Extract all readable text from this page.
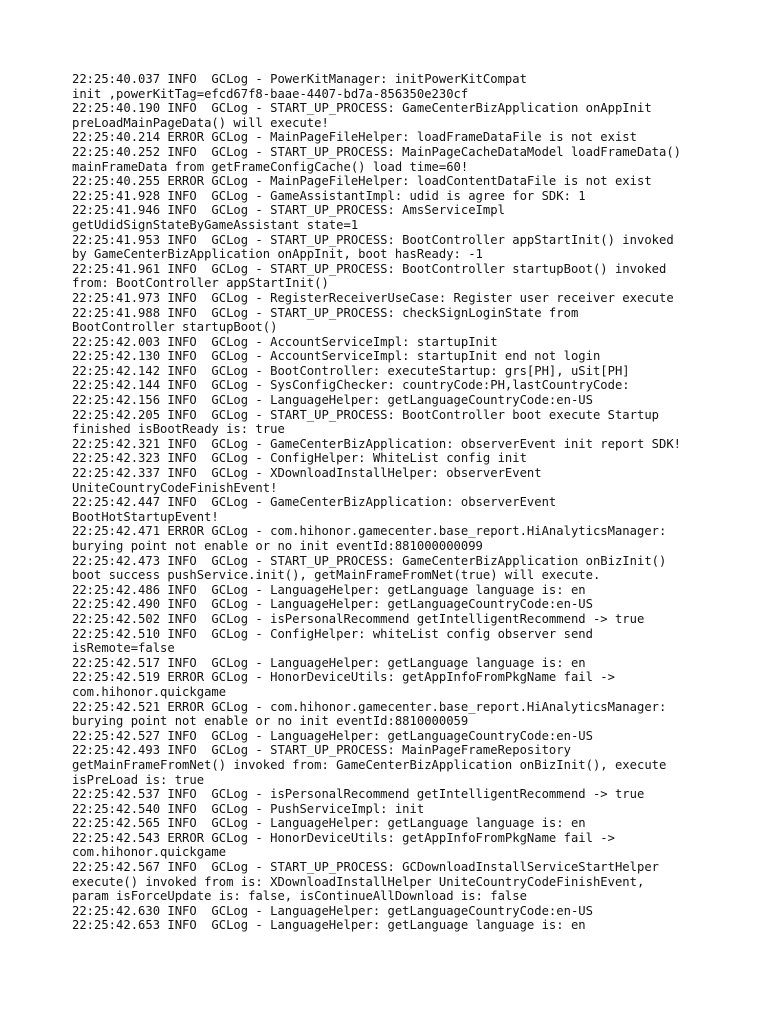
22:25:40.037 INFO  GCLog - PowerKitManager: initPowerKitCompat
init ,powerKitTag=efcd67f8-baae-4407-bd7a-856350e230cf
22:25:40.190 INFO  GCLog - START_UP_PROCESS: GameCenterBizApplication onAppInit
preLoadMainPageData() will execute!
22:25:40.214 ERROR GCLog - MainPageFileHelper: loadFrameDataFile is not exist
22:25:40.252 INFO  GCLog - START_UP_PROCESS: MainPageCacheDataModel loadFrameData()
mainFrameData from getFrameConfigCache() load time=60!
22:25:40.255 ERROR GCLog - MainPageFileHelper: loadContentDataFile is not exist
22:25:41.928 INFO  GCLog - GameAssistantImpl: udid is agree for SDK: 1
22:25:41.946 INFO  GCLog - START_UP_PROCESS: AmsServiceImpl
getUdidSignStateByGameAssistant state=1
22:25:41.953 INFO  GCLog - START_UP_PROCESS: BootController appStartInit() invoked
by GameCenterBizApplication onAppInit, boot hasReady: -1
22:25:41.961 INFO  GCLog - START_UP_PROCESS: BootController startupBoot() invoked
from: BootController appStartInit()
22:25:41.973 INFO  GCLog - RegisterReceiverUseCase: Register user receiver execute
22:25:41.988 INFO  GCLog - START_UP_PROCESS: checkSignLoginState from
BootController startupBoot()
22:25:42.003 INFO  GCLog - AccountServiceImpl: startupInit
22:25:42.130 INFO  GCLog - AccountServiceImpl: startupInit end not login
22:25:42.142 INFO  GCLog - BootController: executeStartup: grs[PH], uSit[PH]
22:25:42.144 INFO  GCLog - SysConfigChecker: countryCode:PH,lastCountryCode:
22:25:42.156 INFO  GCLog - LanguageHelper: getLanguageCountryCode:en-US
22:25:42.205 INFO  GCLog - START_UP_PROCESS: BootController boot execute Startup
finished isBootReady is: true
22:25:42.321 INFO  GCLog - GameCenterBizApplication: observerEvent init report SDK!
22:25:42.323 INFO  GCLog - ConfigHelper: WhiteList config init
22:25:42.337 INFO  GCLog - XDownloadInstallHelper: observerEvent
UniteCountryCodeFinishEvent!
22:25:42.447 INFO  GCLog - GameCenterBizApplication: observerEvent
BootHotStartupEvent!
22:25:42.471 ERROR GCLog - com.hihonor.gamecenter.base_report.HiAnalyticsManager:
burying point not enable or no init eventId:881000000099
22:25:42.473 INFO  GCLog - START_UP_PROCESS: GameCenterBizApplication onBizInit()
boot success pushService.init(), getMainFrameFromNet(true) will execute.
22:25:42.486 INFO  GCLog - LanguageHelper: getLanguage language is: en
22:25:42.490 INFO  GCLog - LanguageHelper: getLanguageCountryCode:en-US
22:25:42.502 INFO  GCLog - isPersonalRecommend getIntelligentRecommend -> true
22:25:42.510 INFO  GCLog - ConfigHelper: whiteList config observer send
isRemote=false
22:25:42.517 INFO  GCLog - LanguageHelper: getLanguage language is: en
22:25:42.519 ERROR GCLog - HonorDeviceUtils: getAppInfoFromPkgName fail ->
com.hihonor.quickgame
22:25:42.521 ERROR GCLog - com.hihonor.gamecenter.base_report.HiAnalyticsManager:
burying point not enable or no init eventId:8810000059
22:25:42.527 INFO  GCLog - LanguageHelper: getLanguageCountryCode:en-US
22:25:42.493 INFO  GCLog - START_UP_PROCESS: MainPageFrameRepository
getMainFrameFromNet() invoked from: GameCenterBizApplication onBizInit(), execute
isPreLoad is: true
22:25:42.537 INFO  GCLog - isPersonalRecommend getIntelligentRecommend -> true
22:25:42.540 INFO  GCLog - PushServiceImpl: init
22:25:42.565 INFO  GCLog - LanguageHelper: getLanguage language is: en
22:25:42.543 ERROR GCLog - HonorDeviceUtils: getAppInfoFromPkgName fail ->
com.hihonor.quickgame
22:25:42.567 INFO  GCLog - START_UP_PROCESS: GCDownloadInstallServiceStartHelper
execute() invoked from is: XDownloadInstallHelper UniteCountryCodeFinishEvent,
param isForceUpdate is: false, isContinueAllDownload is: false
22:25:42.630 INFO  GCLog - LanguageHelper: getLanguageCountryCode:en-US
22:25:42.653 INFO  GCLog - LanguageHelper: getLanguage language is: en
